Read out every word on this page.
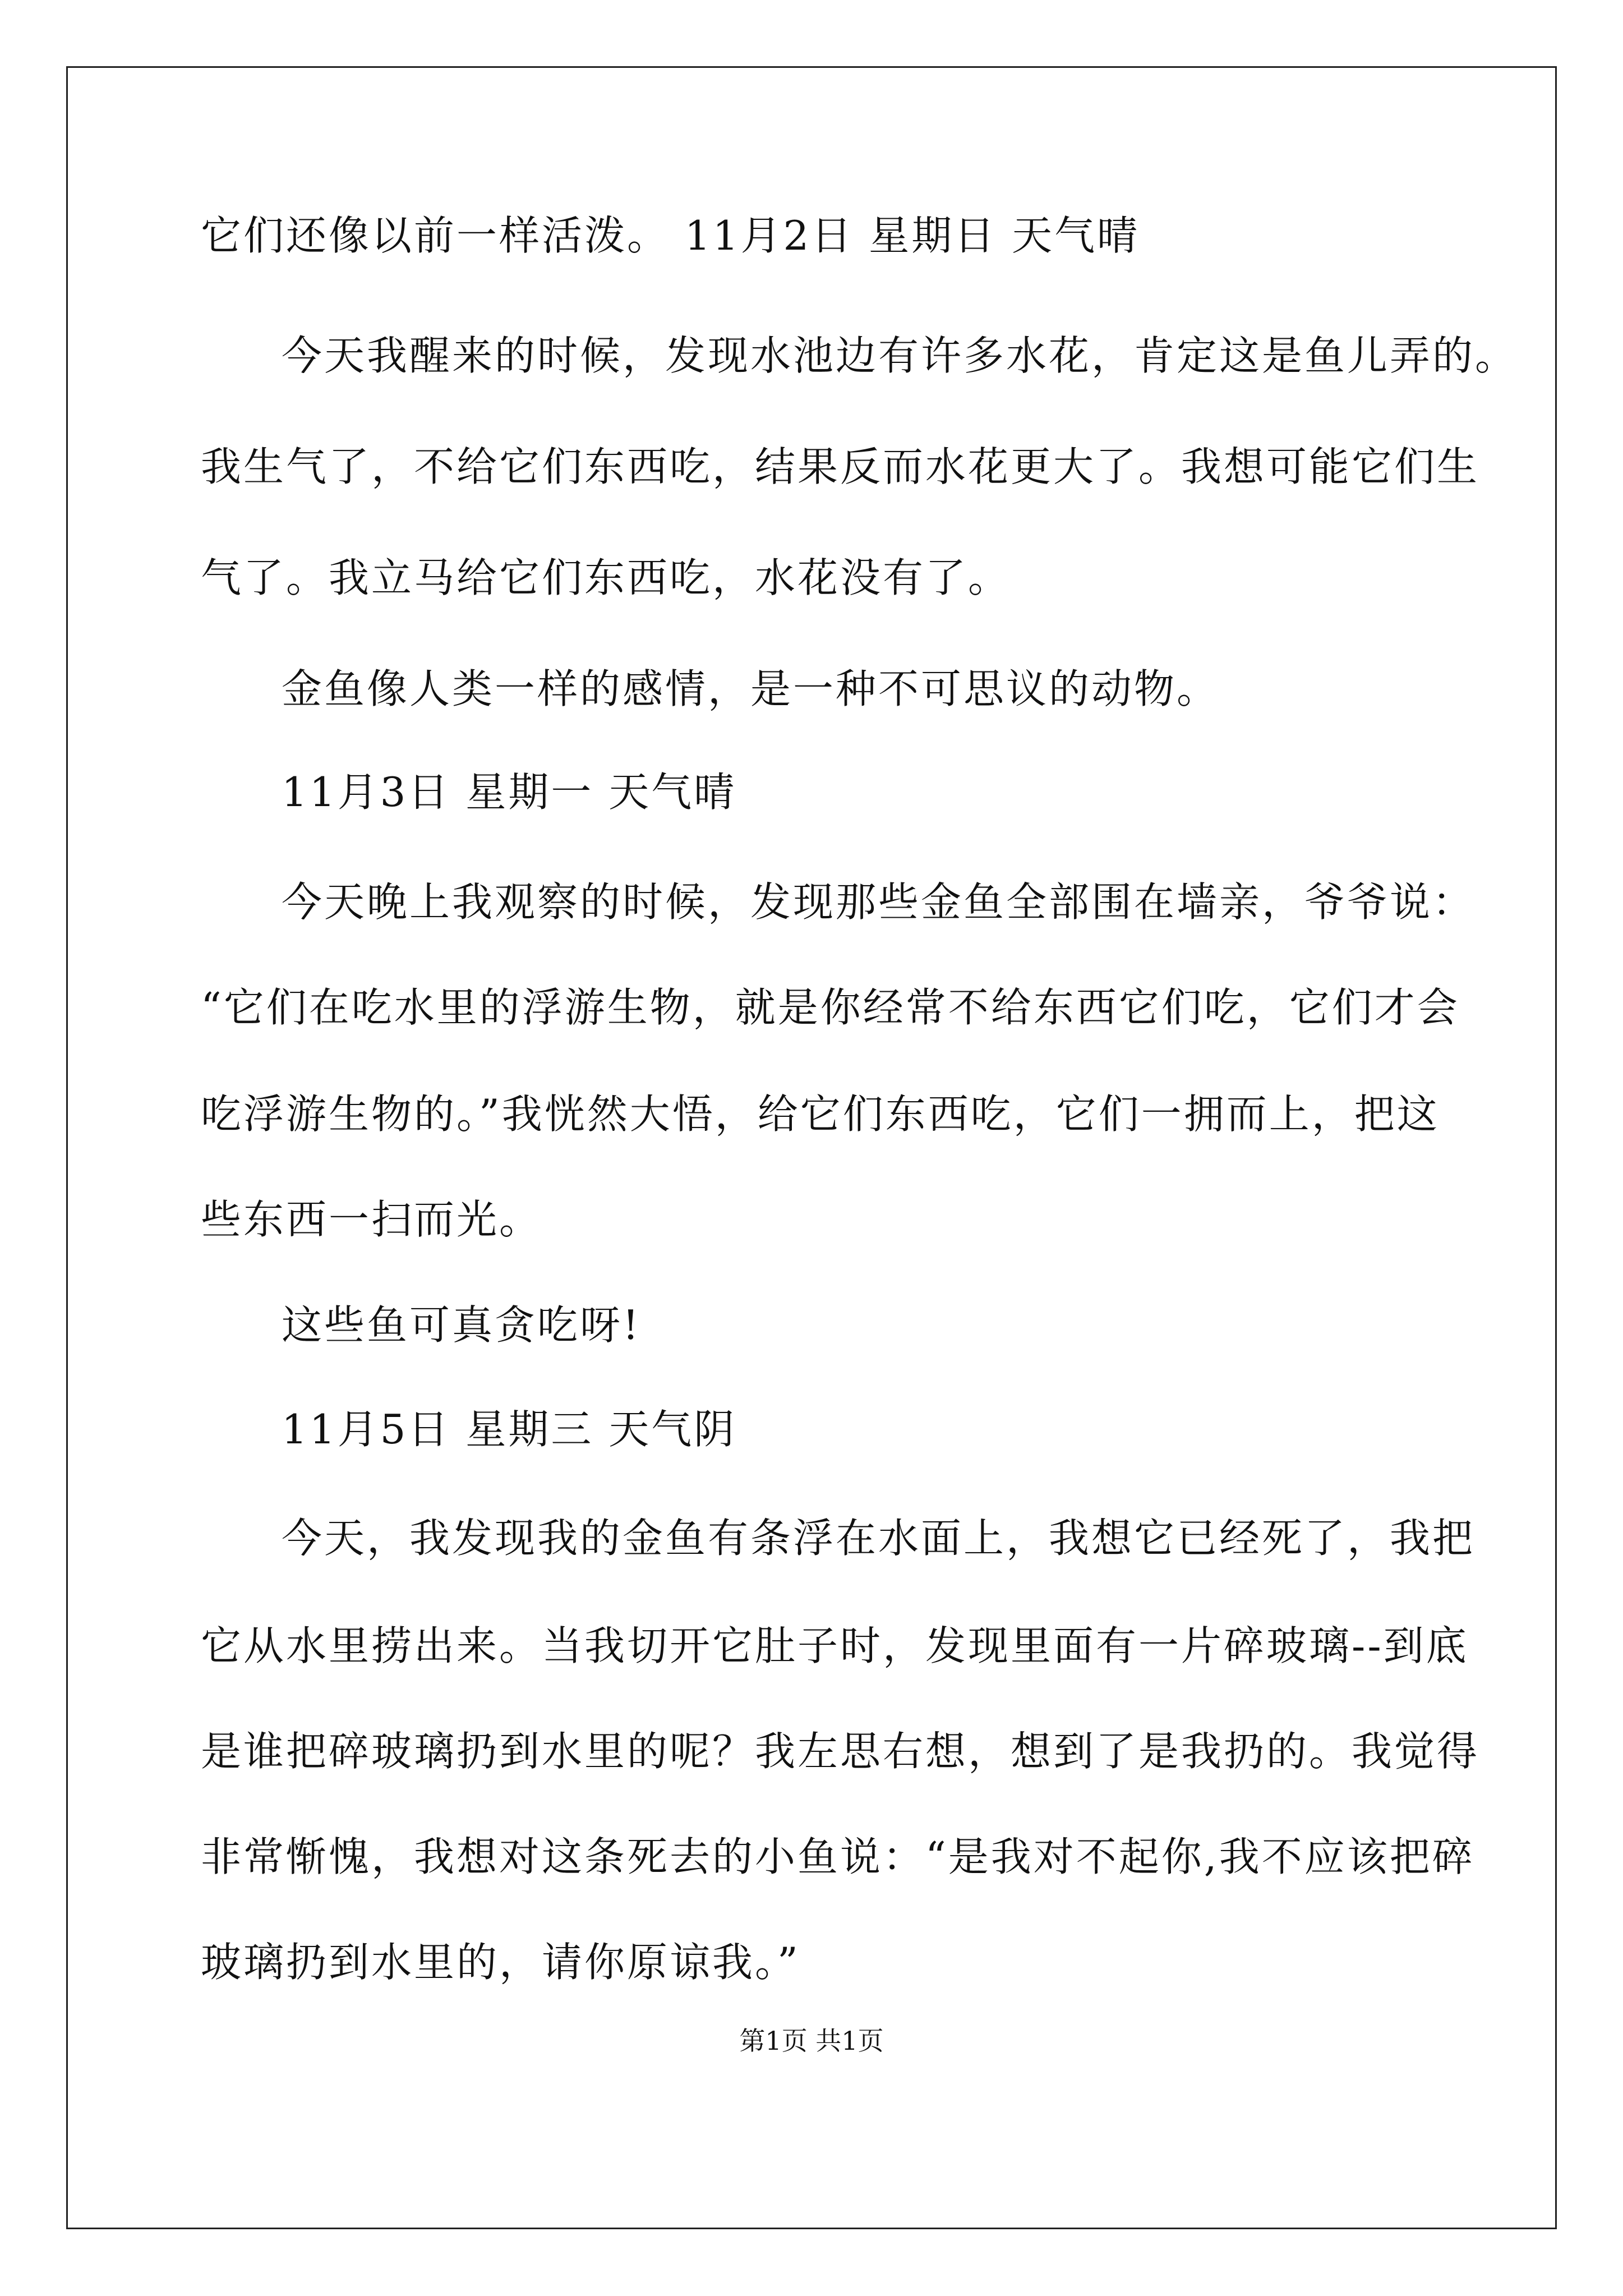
它们还像以前一样活泼。 11月2日 星期日 天气晴
今天我醒来的时候，发现水池边有许多水花，肯定这是鱼儿弄的。
我生气了，不给它们东西吃，结果反而水花更大了。我想可能它们生
气了。我立马给它们东西吃，水花没有了。
金鱼像人类一样的感情，是一种不可思议的动物。
11月3日 星期一 天气晴
今天晚上我观察的时候，发现那些金鱼全部围在墙亲，爷爷说：
“它们在吃水里的浮游生物，就是你经常不给东西它们吃，它们才会
吃浮游生物的。”我恍然大悟，给它们东西吃，它们一拥而上，把这
些东西一扫而光。
这些鱼可真贪吃呀!
11月5日 星期三 天气阴
今天，我发现我的金鱼有条浮在水面上，我想它已经死了，我把
它从水里捞出来。当我切开它肚子时，发现里面有一片碎玻璃--到底
是谁把碎玻璃扔到水里的呢？我左思右想，想到了是我扔的。我觉得
非常惭愧，我想对这条死去的小鱼说：“是我对不起你,我不应该把碎
玻璃扔到水里的，请你原谅我。”
第1页 共1页
